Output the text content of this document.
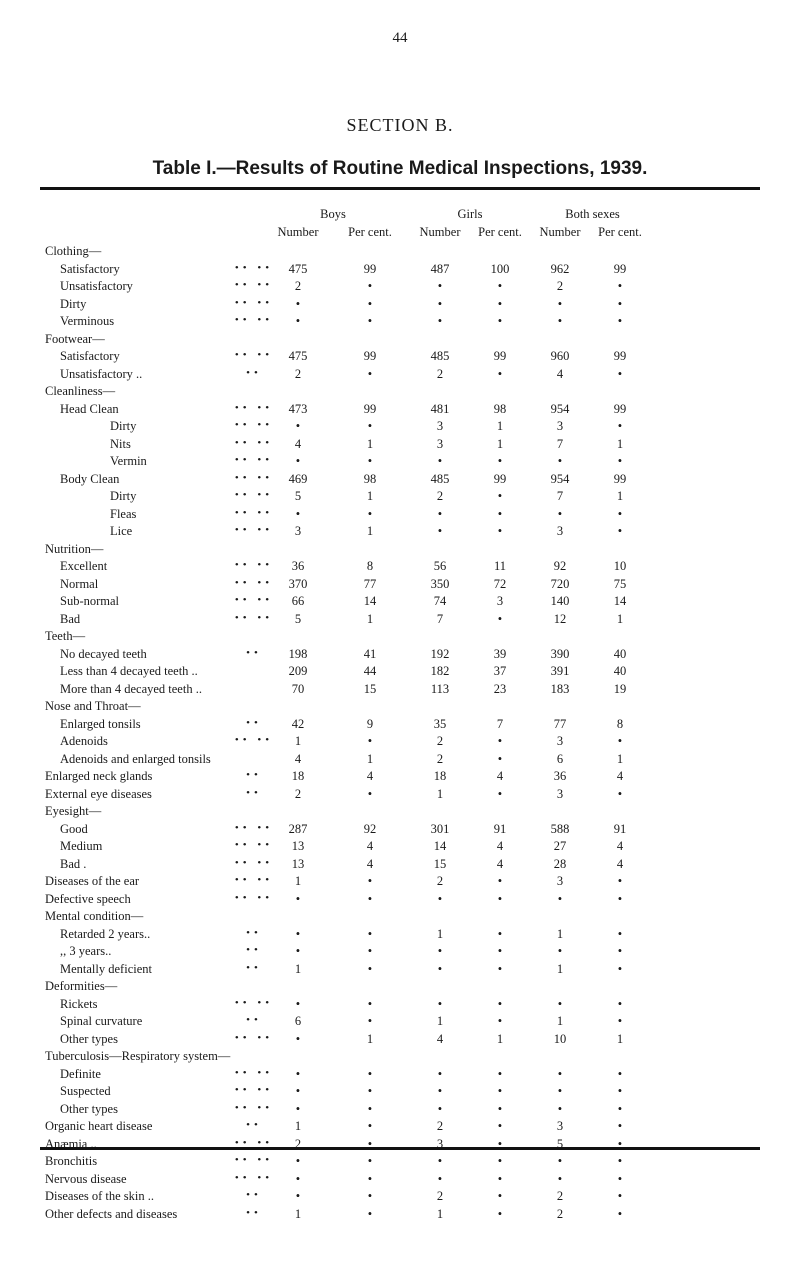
44
SECTION B.
Table I.—Results of Routine Medical Inspections, 1939.
Boys	Girls	Both sexes
Number	Per cent.	Number	Per cent.	Number	Per cent.
Clothing—
Satisfactory	•• ••	475	99	487	100	962	99
Unsatisfactory	•• ••	2	•	•	•	2	•
Dirty	•• ••	•	•	•	•	•	•
Verminous	•• ••	•	•	•	•	•	•
Footwear—
Satisfactory	•• ••	475	99	485	99	960	99
Unsatisfactory ..	••	2	•	2	•	4	•
Cleanliness—
Head Clean	•• ••	473	99	481	98	954	99
Dirty	•• ••	•	•	3	1	3	•
Nits	•• ••	4	1	3	1	7	1
Vermin	•• ••	•	•	•	•	•	•
Body Clean	•• ••	469	98	485	99	954	99
Dirty	•• ••	5	1	2	•	7	1
Fleas	•• ••	•	•	•	•	•	•
Lice	•• ••	3	1	•	•	3	•
Nutrition—
Excellent	•• ••	36	8	56	11	92	10
Normal	•• ••	370	77	350	72	720	75
Sub-normal	•• ••	66	14	74	3	140	14
Bad	•• ••	5	1	7	•	12	1
Teeth—
No decayed teeth	••	198	41	192	39	390	40
Less than 4 decayed teeth ..	209	44	182	37	391	40
More than 4 decayed teeth ..	70	15	113	23	183	19
Nose and Throat—
Enlarged tonsils	••	42	9	35	7	77	8
Adenoids	•• ••	1	•	2	•	3	•
Adenoids and enlarged tonsils	4	1	2	•	6	1
Enlarged neck glands	••	18	4	18	4	36	4
External eye diseases	••	2	•	1	•	3	•
Eyesight—
Good	•• ••	287	92	301	91	588	91
Medium	•• ••	13	4	14	4	27	4
Bad .	•• ••	13	4	15	4	28	4
Diseases of the ear	•• ••	1	•	2	•	3	•
Defective speech	•• ••	•	•	•	•	•	•
Mental condition—
Retarded 2 years..	••	•	•	1	•	1	•
,, 3 years..	••	•	•	•	•	•	•
Mentally deficient	••	1	•	•	•	1	•
Deformities—
Rickets	•• ••	•	•	•	•	•	•
Spinal curvature	••	6	•	1	•	1	•
Other types	•• ••	•	1	4	1	10	1
Tuberculosis—Respiratory system—
Definite	•• ••	•	•	•	•	•	•
Suspected	•• ••	•	•	•	•	•	•
Other types	•• ••	•	•	•	•	•	•
Organic heart disease	••	1	•	2	•	3	•
Anæmia ..	•• ••	2	•	3	•	5	•
Bronchitis	•• ••	•	•	•	•	•	•
Nervous disease	•• ••	•	•	•	•	•	•
Diseases of the skin ..	••	•	•	2	•	2	•
Other defects and diseases	••	1	•	1	•	2	•
